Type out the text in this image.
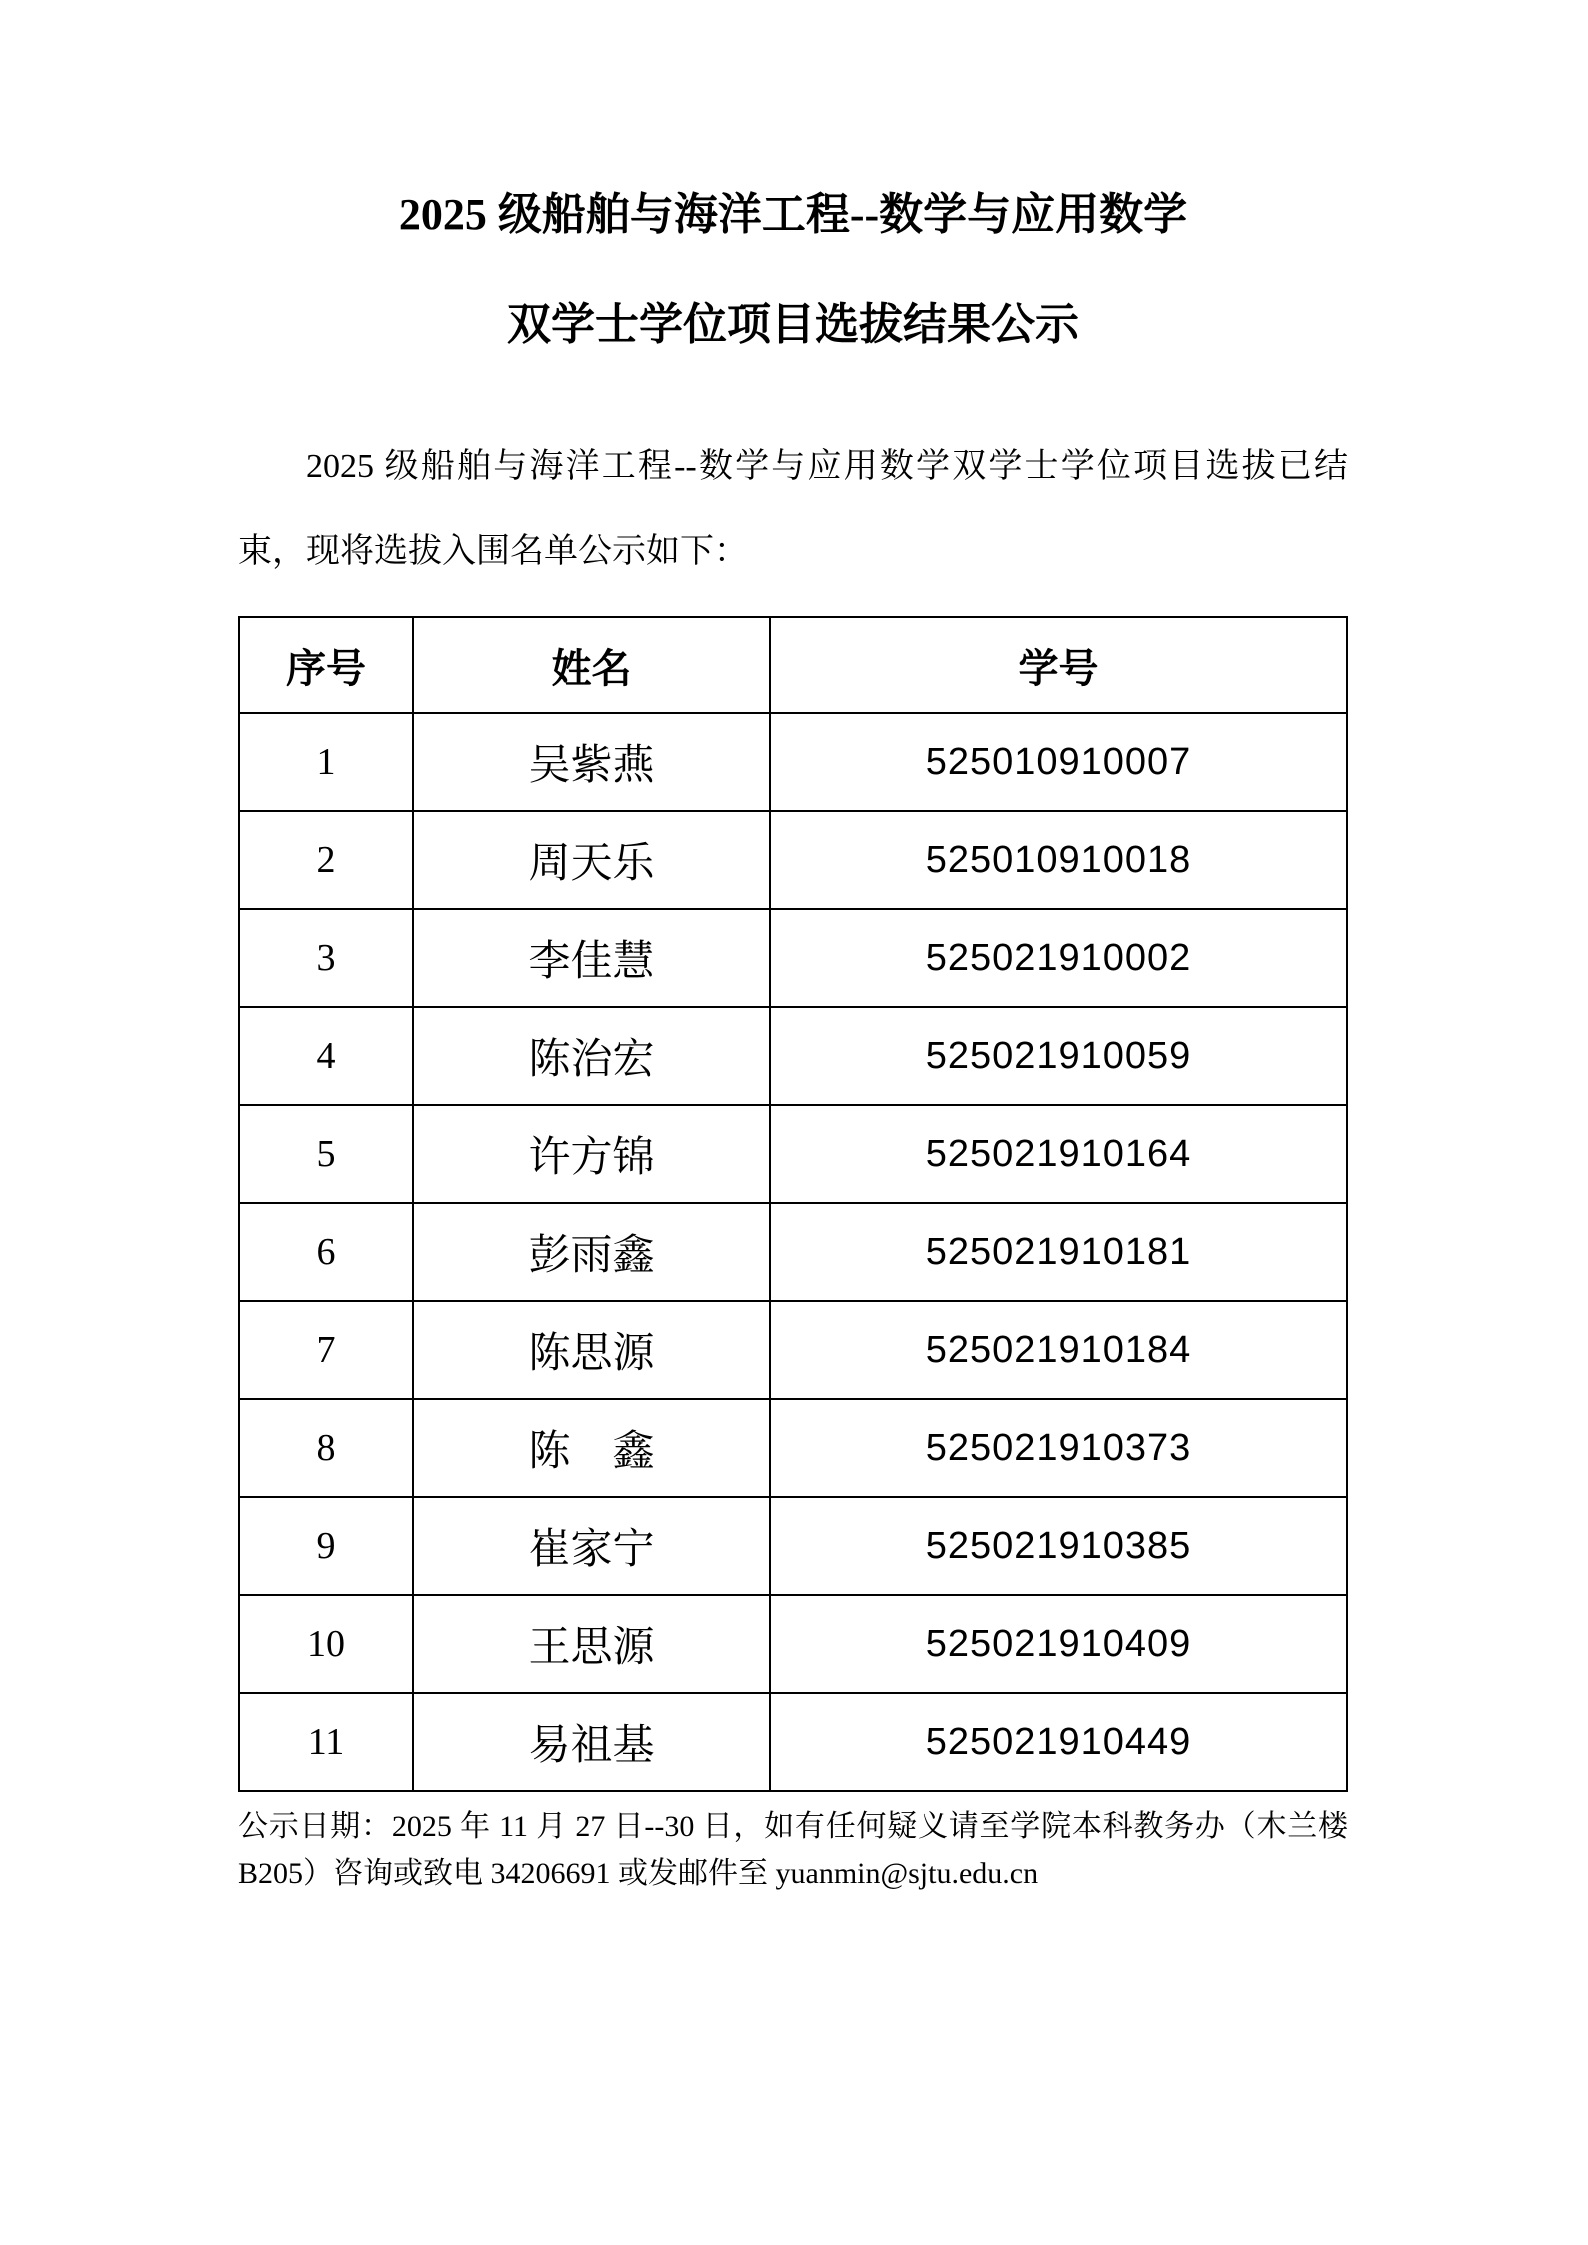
2025 级船舶与海洋工程--数学与应用数学
双学士学位项目选拔结果公示

2025 级船舶与海洋工程--数学与应用数学双学士学位项目选拔已结束，现将选拔入围名单公示如下：

序号	姓名	学号
1	吴紫燕	525010910007
2	周天乐	525010910018
3	李佳慧	525021910002
4	陈治宏	525021910059
5	许方锦	525021910164
6	彭雨鑫	525021910181
7	陈思源	525021910184
8	陈　鑫	525021910373
9	崔家宁	525021910385
10	王思源	525021910409
11	易祖基	525021910449

公示日期：2025 年 11 月 27 日--30 日，如有任何疑义请至学院本科教务办（木兰楼 B205）咨询或致电 34206691 或发邮件至 yuanmin@sjtu.edu.cn
